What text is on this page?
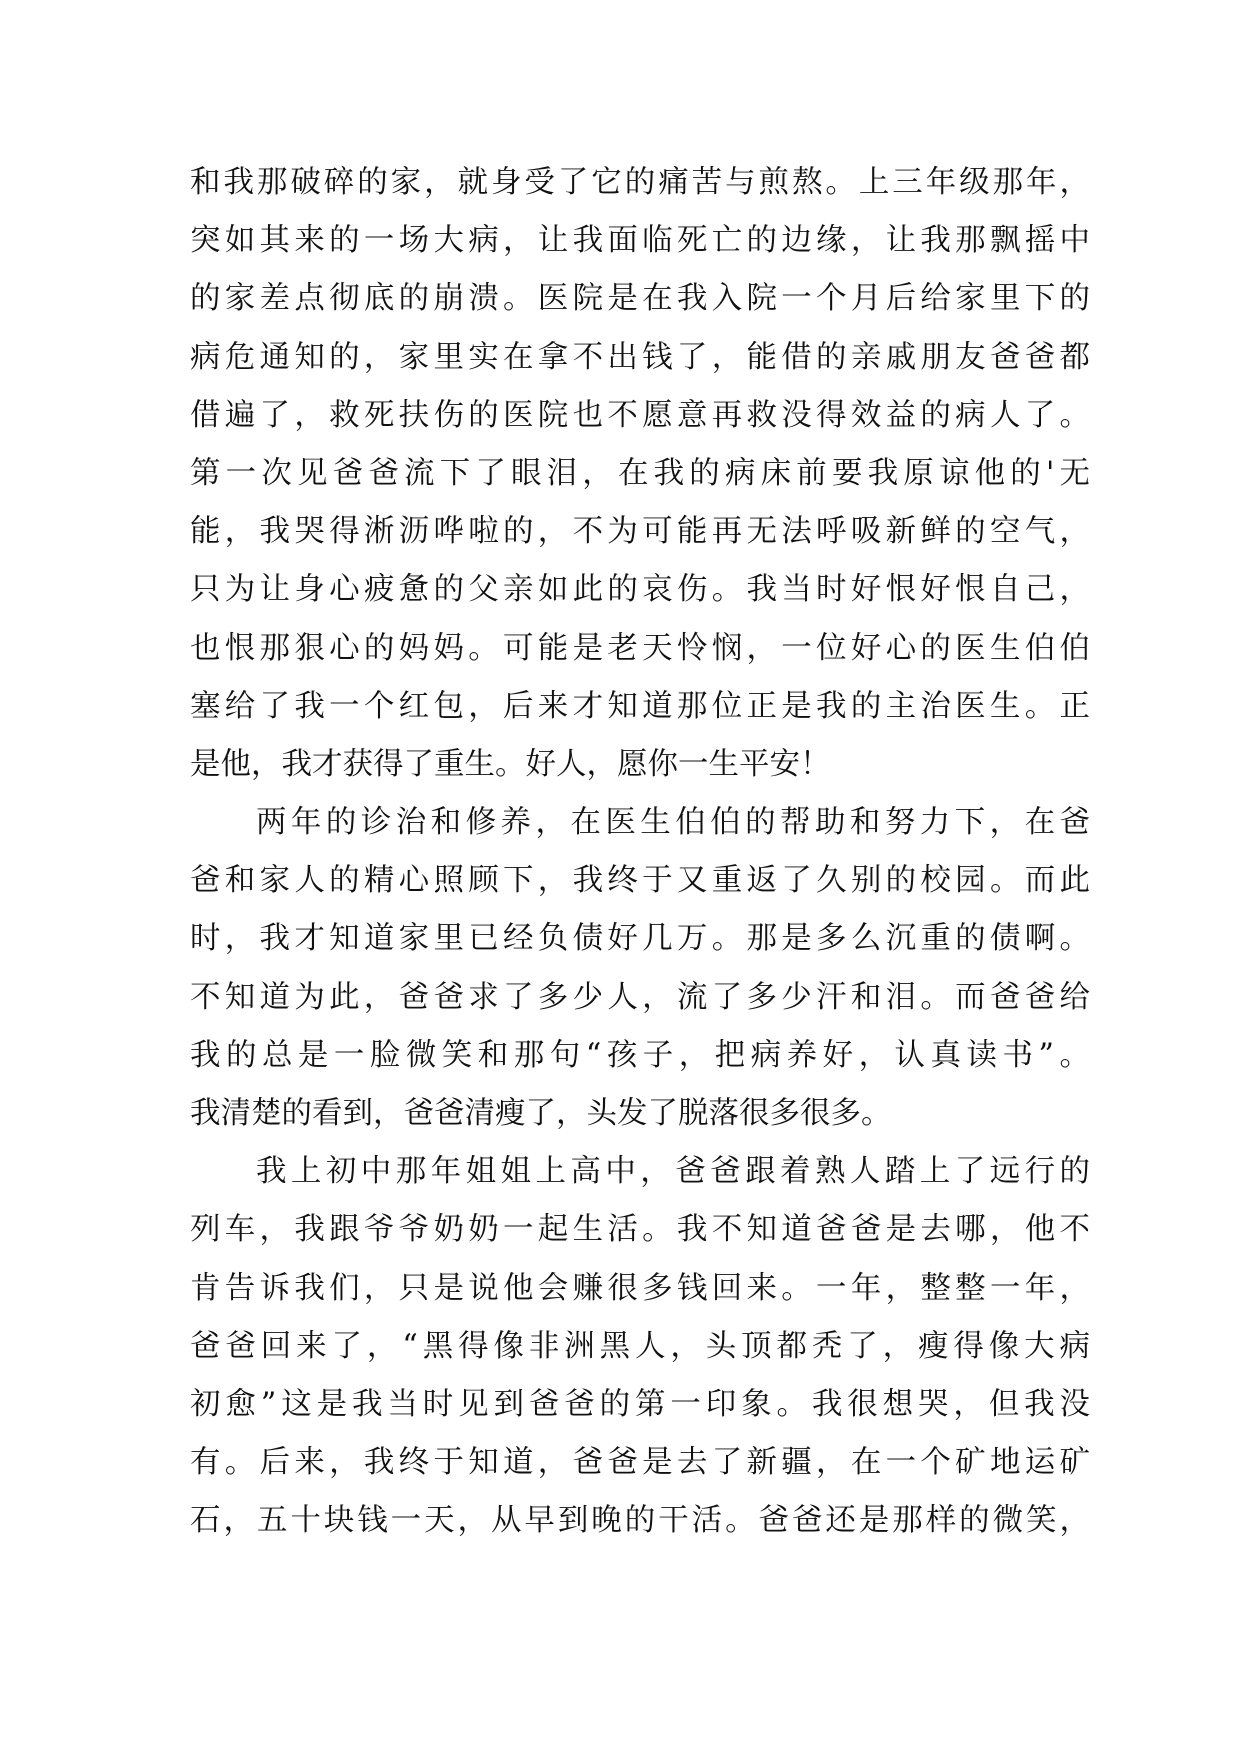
和我那破碎的家，就身受了它的痛苦与煎熬。上三年级那年，
突如其来的一场大病，让我面临死亡的边缘，让我那飘摇中
的家差点彻底的崩溃。医院是在我入院一个月后给家里下的
病危通知的，家里实在拿不出钱了，能借的亲戚朋友爸爸都
借遍了，救死扶伤的医院也不愿意再救没得效益的病人了。
第一次见爸爸流下了眼泪，在我的病床前要我原谅他的'无
能，我哭得淅沥哗啦的，不为可能再无法呼吸新鲜的空气，
只为让身心疲惫的父亲如此的哀伤。我当时好恨好恨自己，
也恨那狠心的妈妈。可能是老天怜悯，一位好心的医生伯伯
塞给了我一个红包，后来才知道那位正是我的主治医生。正
是他，我才获得了重生。好人，愿你一生平安！
两年的诊治和修养，在医生伯伯的帮助和努力下，在爸
爸和家人的精心照顾下，我终于又重返了久别的校园。而此
时，我才知道家里已经负债好几万。那是多么沉重的债啊。
不知道为此，爸爸求了多少人，流了多少汗和泪。而爸爸给
我的总是一脸微笑和那句“孩子，把病养好，认真读书”。
我清楚的看到，爸爸清瘦了，头发了脱落很多很多。
我上初中那年姐姐上高中，爸爸跟着熟人踏上了远行的
列车，我跟爷爷奶奶一起生活。我不知道爸爸是去哪，他不
肯告诉我们，只是说他会赚很多钱回来。一年，整整一年，
爸爸回来了，“黑得像非洲黑人，头顶都秃了，瘦得像大病
初愈”这是我当时见到爸爸的第一印象。我很想哭，但我没
有。后来，我终于知道，爸爸是去了新疆，在一个矿地运矿
石，五十块钱一天，从早到晚的干活。爸爸还是那样的微笑，
